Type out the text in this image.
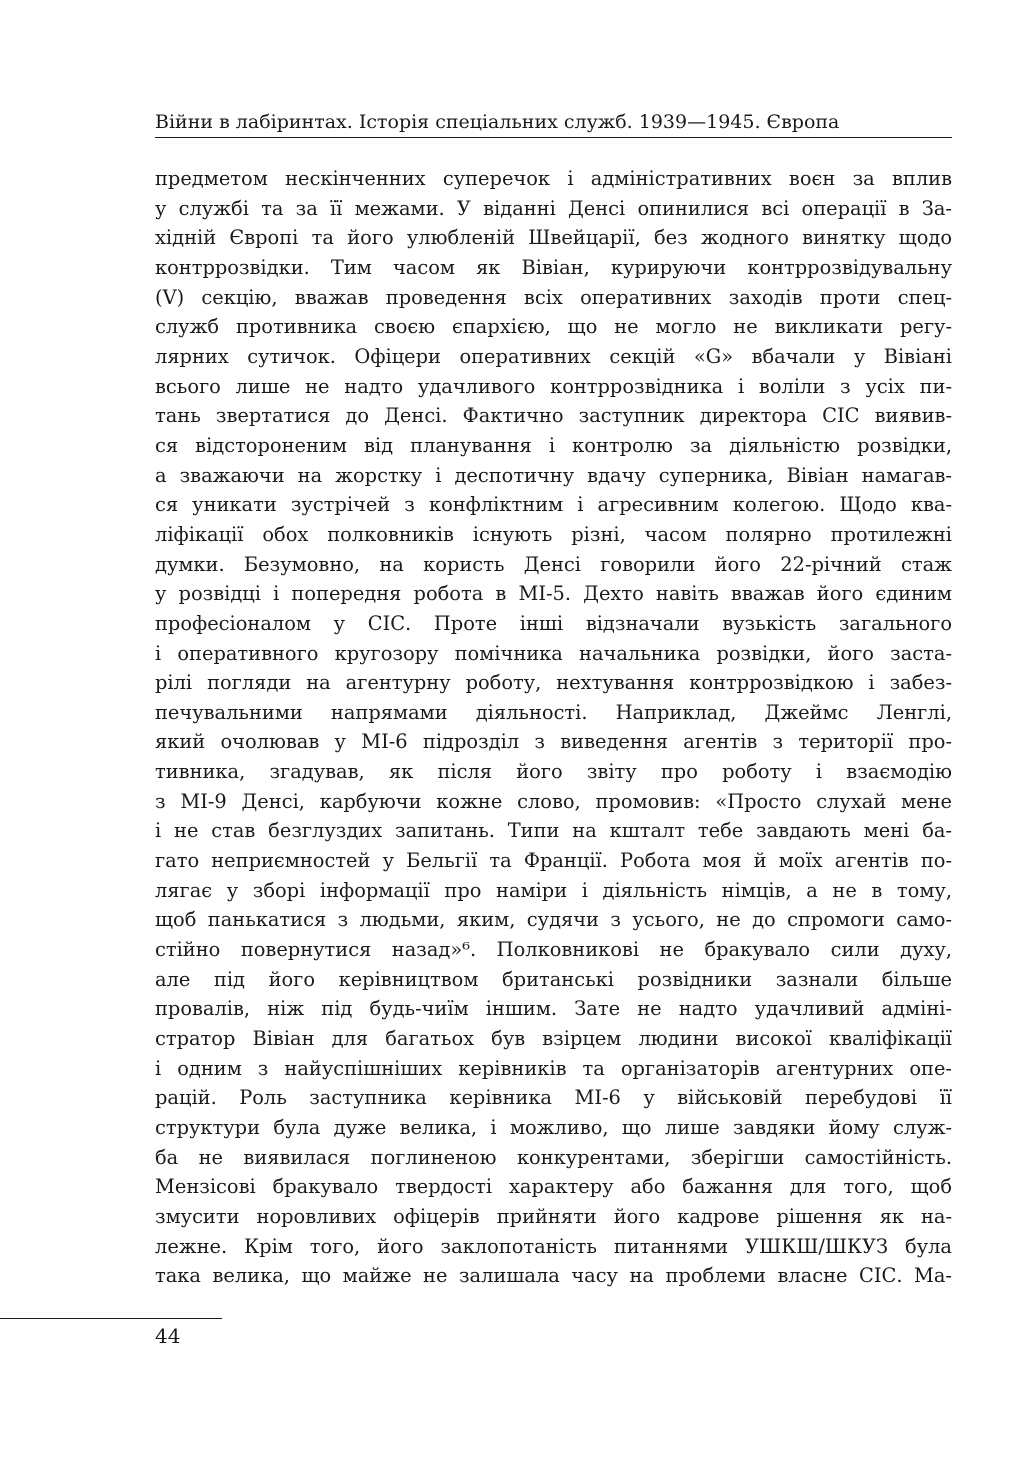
Війни в лабіринтах. Історія спеціальних служб. 1939—1945. Європа
предметом нескінченних суперечок і адміністративних воєн за вплив
у службі та за її межами. У віданні Денсі опинилися всі операції в За-
хідній Європі та його улюбленій Швейцарії, без жодного винятку щодо
контррозвідки. Тим часом як Вівіан, курируючи контррозвідувальну
(V) секцію, вважав проведення всіх оперативних заходів проти спец-
служб противника своєю єпархією, що не могло не викликати регу-
лярних сутичок. Офіцери оперативних секцій «G» вбачали у Вівіані
всього лише не надто удачливого контррозвідника і воліли з усіх пи-
тань звертатися до Денсі. Фактично заступник директора СІС виявив-
ся відстороненим від планування і контролю за діяльністю розвідки,
а зважаючи на жорстку і деспотичну вдачу суперника, Вівіан намагав-
ся уникати зустрічей з конфліктним і агресивним колегою. Щодо ква-
ліфікації обох полковників існують різні, часом полярно протилежні
думки. Безумовно, на користь Денсі говорили його 22-річний стаж
у розвідці і попередня робота в МІ-5. Дехто навіть вважав його єдиним
професіоналом у СІС. Проте інші відзначали вузькість загального
і оперативного кругозору помічника начальника розвідки, його заста-
рілі погляди на агентурну роботу, нехтування контррозвідкою і забез-
печувальними напрямами діяльності. Наприклад, Джеймс Ленглі,
який очолював у МІ-6 підрозділ з виведення агентів з території про-
тивника, згадував, як після його звіту про роботу і взаємодію
з МІ-9 Денсі, карбуючи кожне слово, промовив: «Просто слухай мене
і не став безглуздих запитань. Типи на кшталт тебе завдають мені ба-
гато неприємностей у Бельгії та Франції. Робота моя й моїх агентів по-
лягає у зборі інформації про наміри і діяльність німців, а не в тому,
щоб панькатися з людьми, яким, судячи з усього, не до спромоги само-
стійно повернутися назад»⁶. Полковникові не бракувало сили духу,
але під його керівництвом британські розвідники зазнали більше
провалів, ніж під будь-чиїм іншим. Зате не надто удачливий адміні-
стратор Вівіан для багатьох був взірцем людини високої кваліфікації
і одним з найуспішніших керівників та організаторів агентурних опе-
рацій. Роль заступника керівника МІ-6 у військовій перебудові її
структури була дуже велика, і можливо, що лише завдяки йому служ-
ба не виявилася поглиненою конкурентами, зберігши самостійність.
Мензісові бракувало твердості характеру або бажання для того, щоб
змусити норовливих офіцерів прийняти його кадрове рішення як на-
лежне. Крім того, його заклопотаність питаннями УШКШ/ШКУЗ була
така велика, що майже не залишала часу на проблеми власне СІС. Ма-
44
